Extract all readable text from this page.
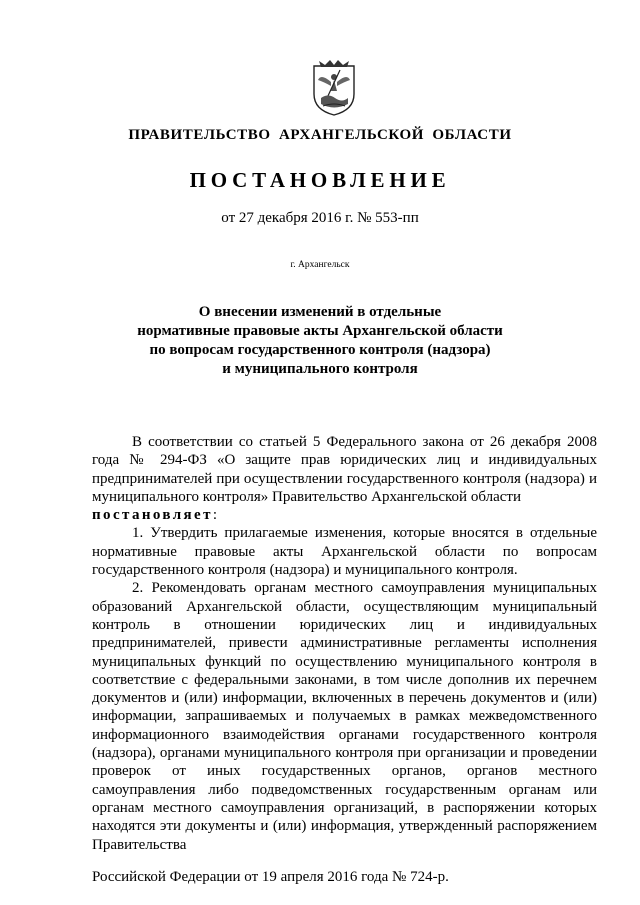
ПРАВИТЕЛЬСТВО АРХАНГЕЛЬСКОЙ ОБЛАСТИ
ПОСТАНОВЛЕНИЕ
от 27 декабря 2016 г. № 553-пп
г. Архангельск
О внесении изменений в отдельные
нормативные правовые акты Архангельской области
по вопросам государственного контроля (надзора)
и муниципального контроля

В соответствии со статьей 5 Федерального закона от 26 декабря 2008 года № 294-ФЗ «О защите прав юридических лиц и индивидуальных предпринимателей при осуществлении государственного контроля (надзора) и муниципального контроля» Правительство Архангельской области
постановляет:

1. Утвердить прилагаемые изменения, которые вносятся в отдельные нормативные правовые акты Архангельской области по вопросам государственного контроля (надзора) и муниципального контроля.

2. Рекомендовать органам местного самоуправления муниципальных образований Архангельской области, осуществляющим муниципальный контроль в отношении юридических лиц и индивидуальных предпринимателей, привести административные регламенты исполнения муниципальных функций по осуществлению муниципального контроля в соответствие с федеральными законами, в том числе дополнив их перечнем документов и (или) информации, включенных в перечень документов и (или) информации, запрашиваемых и получаемых в рамках межведомственного информационного взаимодействия органами государственного контроля (надзора), органами муниципального контроля при организации и проведении проверок от иных государственных органов, органов местного самоуправления либо подведомственных государственным органам или органам местного самоуправления организаций, в распоряжении которых находятся эти документы и (или) информация, утвержденный распоряжением Правительства

Российской Федерации от 19 апреля 2016 года № 724-р.
